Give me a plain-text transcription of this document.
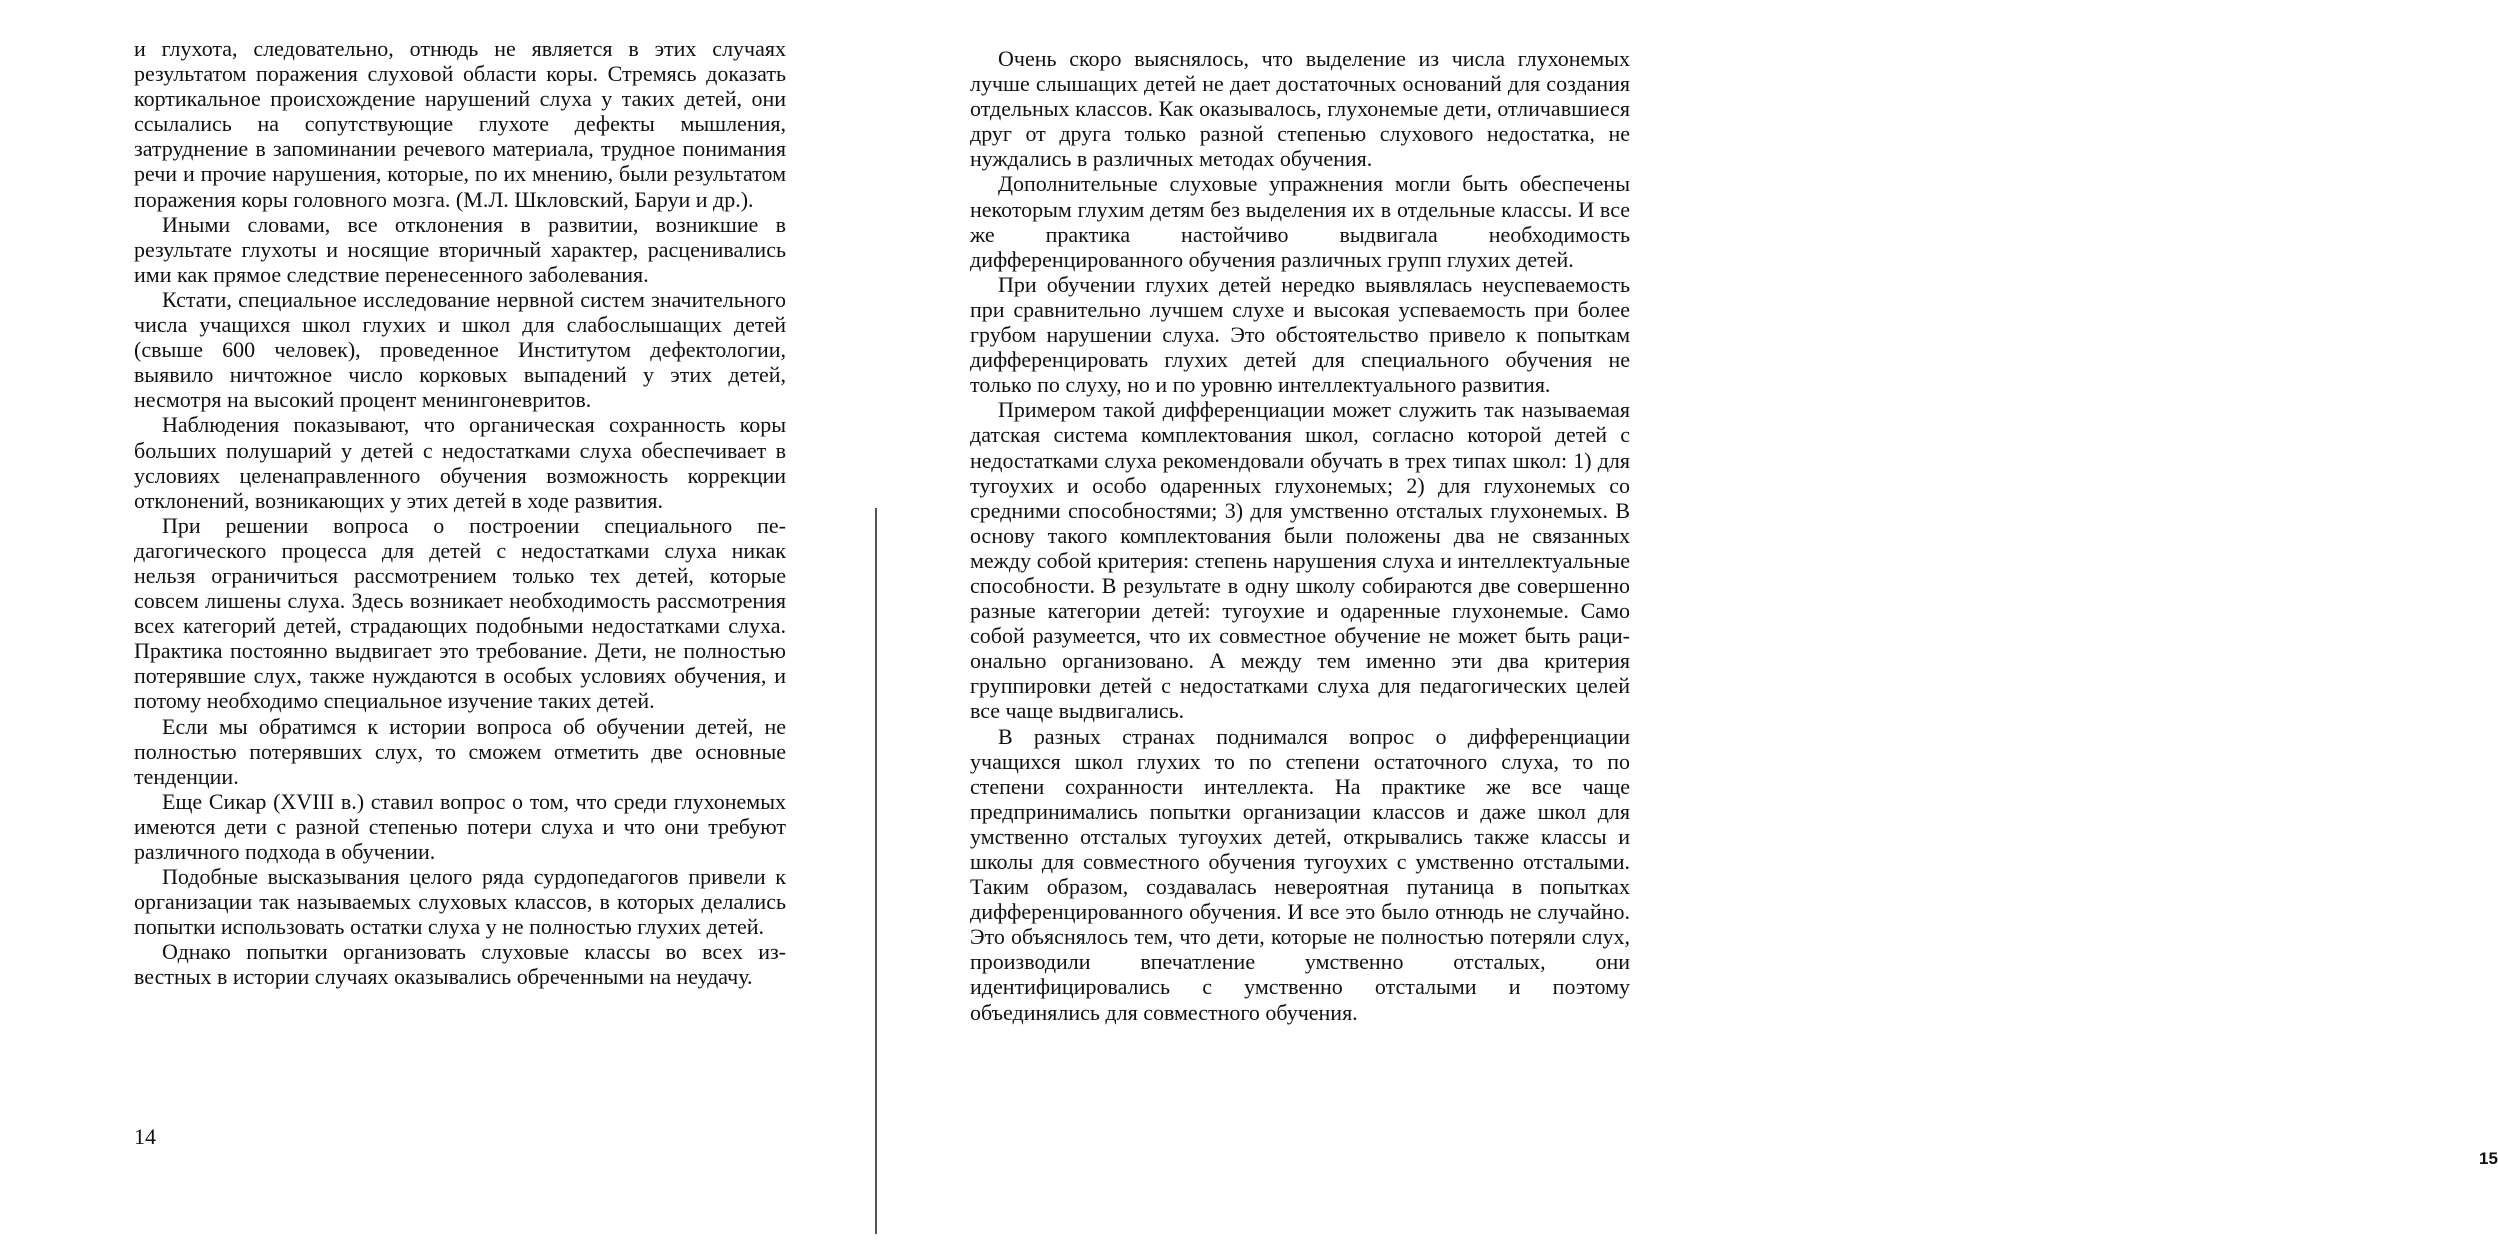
и глухота, следовательно, отнюдь не является в этих случаях результатом поражения слуховой области коры. Стремясь доказать кортикальное происхождение нарушений слуха у таких детей, они ссылались на сопутствующие глухоте дефекты мышления, затруднение в запоминании речевого материала, трудное понимания речи и прочие нарушения, которые, по их мнению, были результатом поражения коры головного мозга. (М.Л. Шкловский, Баруи и др.).

Иными словами, все отклонения в развитии, возникшие в результате глухоты и носящие вторичный характер, расценивались ими как прямое следствие перенесенного заболевания.

Кстати, специальное исследование нервной систем значительного числа учащихся школ глухих и школ для слабослышащих детей (свыше 600 человек), проведенное Институтом дефектологии, выявило ничтожное число корковых выпадений у этих детей, несмотря на высокий процент менингоневритов.

Наблюдения показывают, что органическая сохранность коры больших полушарий у детей с недостатками слуха обеспечивает в условиях целенаправленного обучения возможность коррекции отклонений, возникающих у этих детей в ходе развития.

При решении вопроса о построении специального педагогического процесса для детей с недостатками слуха никак нельзя ограничиться рассмотрением только тех детей, которые совсем лишены слуха. Здесь возникает необходимость рассмотрения всех категорий детей, страдающих подобными недостатками слуха. Практика постоянно выдвигает это требование. Дети, не полностью потерявшие слух, также нуждаются в особых условиях обучения, и потому необходимо специальное изучение таких детей.

Если мы обратимся к истории вопроса об обучении детей, не полностью потерявших слух, то сможем отметить две основные тенденции.

Еще Сикар (XVIII в.) ставил вопрос о том, что среди глухонемых имеются дети с разной степенью потери слуха и что они требуют различного подхода в обучении.

Подобные высказывания целого ряда сурдопедагогов привели к организации так называемых слуховых классов, в которых делались попытки использовать остатки слуха у не полностью глухих детей.

Однако попытки организовать слуховые классы во всех известных в истории случаях оказывались обреченными на неудачу.

14

Очень скоро выяснялось, что выделение из числа глухонемых лучше слышащих детей не дает достаточных оснований для создания отдельных классов. Как оказывалось, глухонемые дети, отличавшиеся друг от друга только разной степенью слухового недостатка, не нуждались в различных методах обучения.

Дополнительные слуховые упражнения могли быть обеспечены некоторым глухим детям без выделения их в отдельные классы. И все же практика настойчиво выдвигала необходимость дифференцированного обучения различных групп глухих детей.

При обучении глухих детей нередко выявлялась неуспеваемость при сравнительно лучшем слухе и высокая успеваемость при более грубом нарушении слуха. Это обстоятельство привело к попыткам дифференцировать глухих детей для специального обучения не только по слуху, но и по уровню интеллектуального развития.

Примером такой дифференциации может служить так называемая датская система комплектования школ, согласно которой детей с недостатками слуха рекомендовали обучать в трех типах школ: 1) для тугоухих и особо одаренных глухонемых; 2) для глухонемых со средними способностями; 3) для умственно отсталых глухонемых. В основу такого комплектования были положены два не связанных между собой критерия: степень нарушения слуха и интеллектуальные способности. В результате в одну школу собираются две совершенно разные категории детей: тугоухие и одаренные глухонемые. Само собой разумеется, что их совместное обучение не может быть рационально организовано. А между тем именно эти два критерия группировки детей с недостатками слуха для педагогических целей все чаще выдвигались.

В разных странах поднимался вопрос о дифференциации учащихся школ глухих то по степени остаточного слуха, то по степени сохранности интеллекта. На практике же все чаще предпринимались попытки организации классов и даже школ для умственно отсталых тугоухих детей, открывались также классы и школы для совместного обучения тугоухих с умственно отсталыми. Таким образом, создавалась невероятная путаница в попытках дифференцированного обучения. И все это было отнюдь не случайно. Это объяснялось тем, что дети, которые не полностью потеряли слух, производили впечатление умственно отсталых, они идентифицировались с умственно отсталыми и поэтому объединялись для совместного обучения.

15
